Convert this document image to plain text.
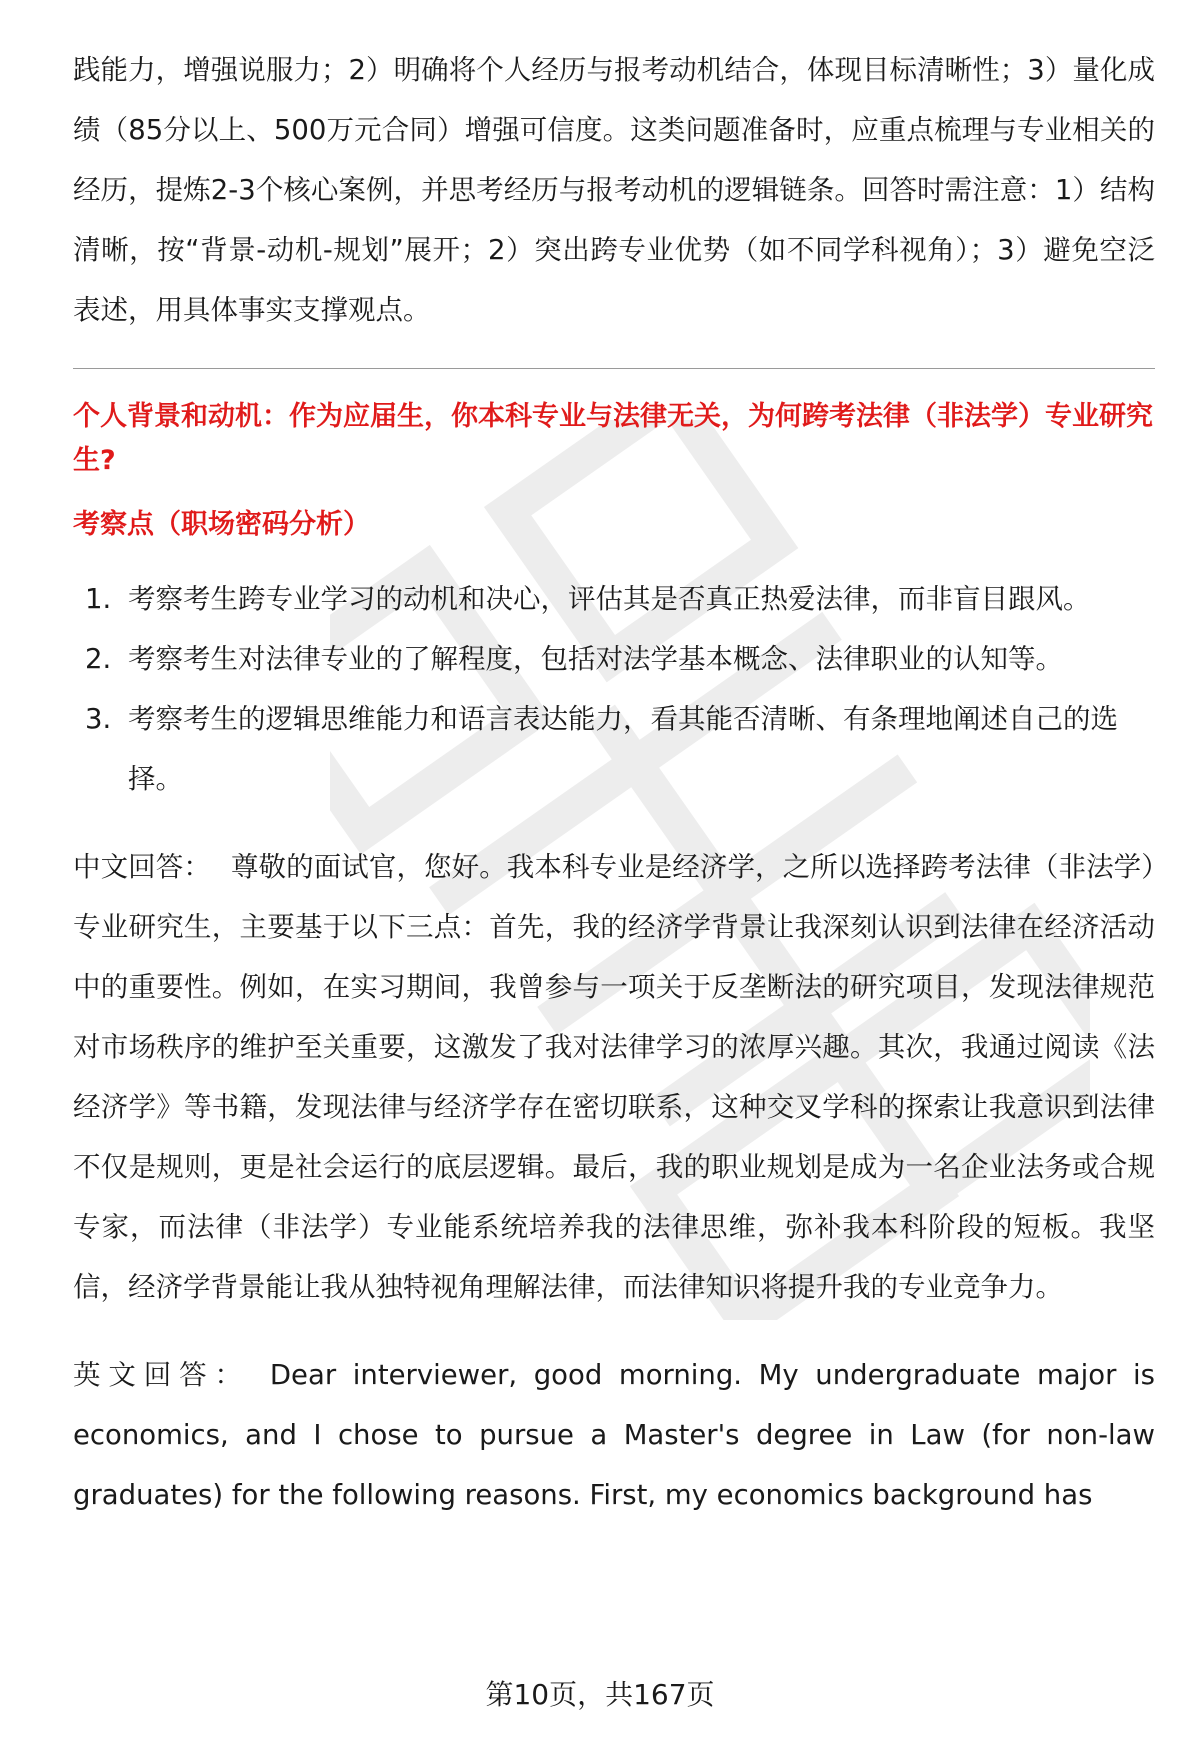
践能力，增强说服力；2）明确将个人经历与报考动机结合，体现目标清晰性；3）量化成绩（85分以上、500万元合同）增强可信度。这类问题准备时，应重点梳理与专业相关的经历，提炼2-3个核心案例，并思考经历与报考动机的逻辑链条。回答时需注意：1）结构清晰，按“背景-动机-规划”展开；2）突出跨专业优势（如不同学科视角）；3）避免空泛表述，用具体事实支撑观点。

个人背景和动机：作为应届生，你本科专业与法律无关，为何跨考法律（非法学）专业研究生?

考察点（职场密码分析）

1. 考察考生跨专业学习的动机和决心，评估其是否真正热爱法律，而非盲目跟风。
2. 考察考生对法律专业的了解程度，包括对法学基本概念、法律职业的认知等。
3. 考察考生的逻辑思维能力和语言表达能力，看其能否清晰、有条理地阐述自己的选择。

中文回答： 尊敬的面试官，您好。我本科专业是经济学，之所以选择跨考法律（非法学）专业研究生，主要基于以下三点：首先，我的经济学背景让我深刻认识到法律在经济活动中的重要性。例如，在实习期间，我曾参与一项关于反垄断法的研究项目，发现法律规范对市场秩序的维护至关重要，这激发了我对法律学习的浓厚兴趣。其次，我通过阅读《法经济学》等书籍，发现法律与经济学存在密切联系，这种交叉学科的探索让我意识到法律不仅是规则，更是社会运行的底层逻辑。最后，我的职业规划是成为一名企业法务或合规专家，而法律（非法学）专业能系统培养我的法律思维，弥补我本科阶段的短板。我坚信，经济学背景能让我从独特视角理解法律，而法律知识将提升我的专业竞争力。

英文回答： Dear interviewer, good morning. My undergraduate major is economics, and I chose to pursue a Master's degree in Law (for non-law graduates) for the following reasons. First, my economics background has

第10页，共167页
